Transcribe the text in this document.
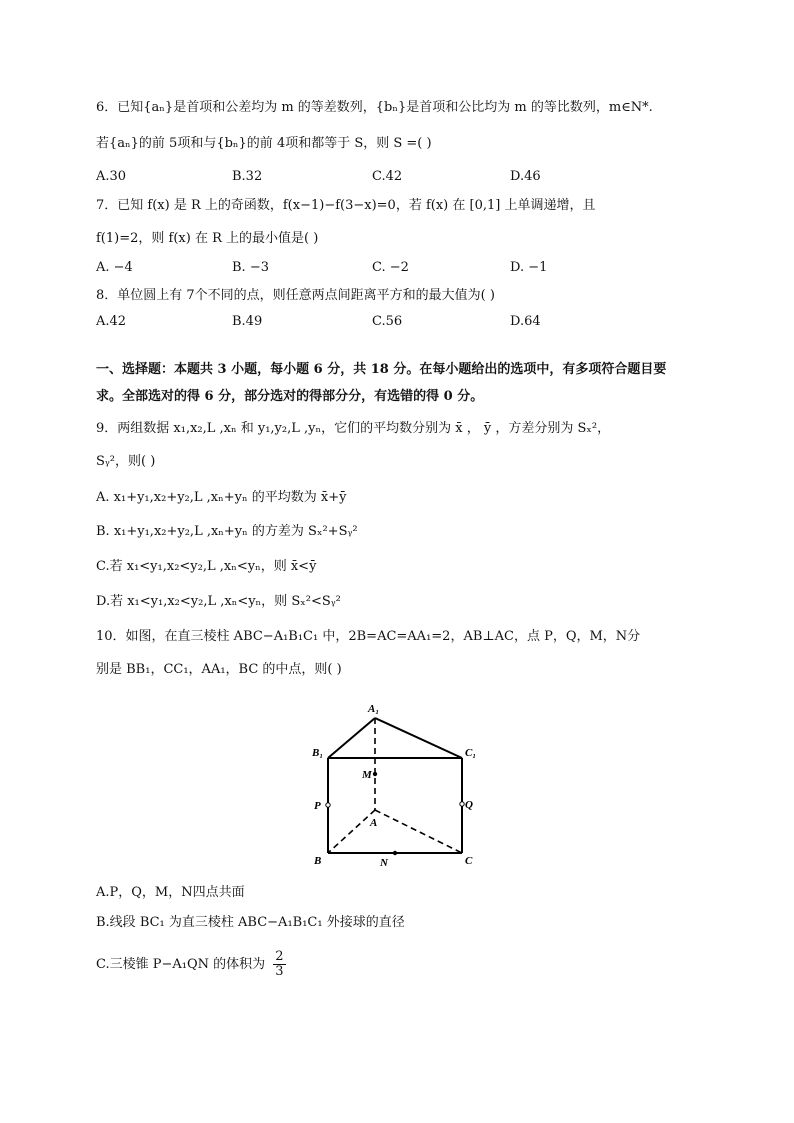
6．已知{aₙ}是首项和公差均为 m 的等差数列，{bₙ}是首项和公比均为 m 的等比数列，m∈N*.
若{aₙ}的前 5项和与{bₙ}的前 4项和都等于 S，则 S =( )
A.30	B.32	C.42	D.46
7．已知 f(x) 是 R 上的奇函数，f(x−1)−f(3−x)=0，若 f(x) 在 [0,1] 上单调递增，且
f(1)=2，则 f(x) 在 R 上的最小值是( )
A. −4	B. −3	C. −2	D. −1
8．单位圆上有 7个不同的点，则任意两点间距离平方和的最大值为( )
A.42	B.49	C.56	D.64
一、选择题：本题共 3 小题，每小题 6 分，共 18 分。在每小题给出的选项中，有多项符合题目要
求。全部选对的得 6 分，部分选对的得部分分，有选错的得 0 分。
9．两组数据 x₁,x₂,L ,xₙ 和 y₁,y₂,L ,yₙ，它们的平均数分别为 x̄ ， ȳ ，方差分别为 Sₓ²，
Sᵧ²，则( )
A. x₁+y₁,x₂+y₂,L ,xₙ+yₙ 的平均数为 x̄+ȳ
B. x₁+y₁,x₂+y₂,L ,xₙ+yₙ 的方差为 Sₓ²+Sᵧ²
C.若 x₁<y₁,x₂<y₂,L ,xₙ<yₙ，则 x̄<ȳ
D.若 x₁<y₁,x₂<y₂,L ,xₙ<yₙ，则 Sₓ²<Sᵧ²
10．如图，在直三棱柱 ABC−A₁B₁C₁ 中，2B=AC=AA₁=2，AB⊥AC，点 P，Q，M，N分
别是 BB₁，CC₁，AA₁，BC 的中点，则( )
A₁
B₁	C₁
M
P	Q
A
B	C
N
A.P，Q，M，N四点共面
B.线段 BC₁ 为直三棱柱 ABC−A₁B₁C₁ 外接球的直径
C.三棱锥 P−A₁QN 的体积为 $\frac{2}{3}$
